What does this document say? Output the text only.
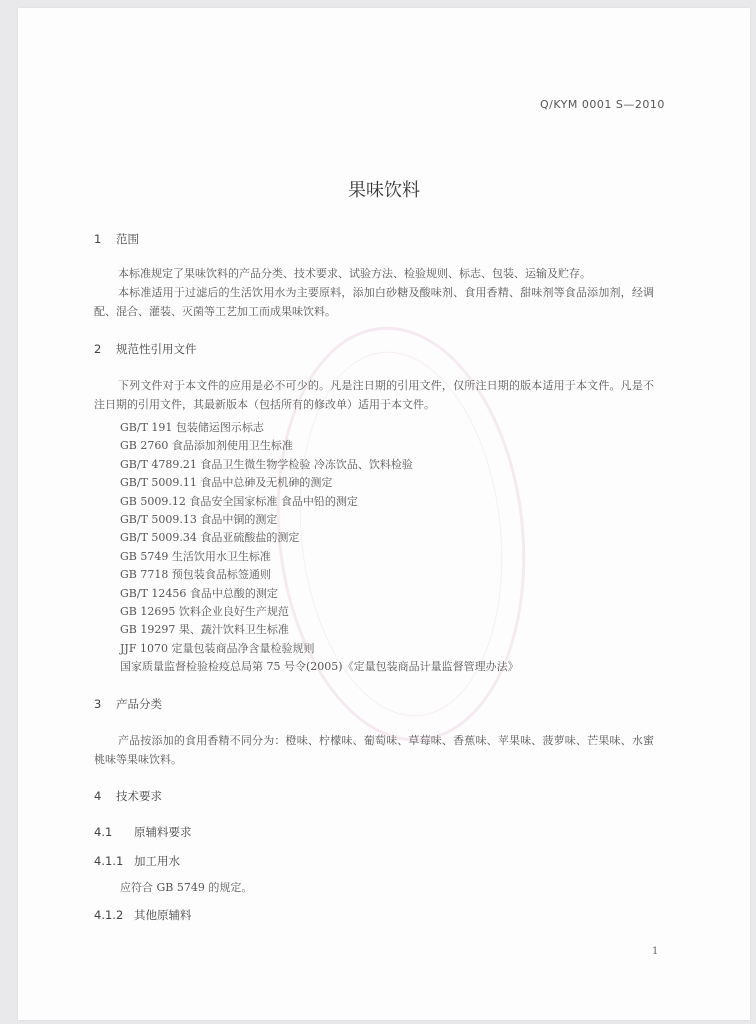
Q/KYM 0001 S—2010
果味饮料
1 范围
本标准规定了果味饮料的产品分类、技术要求、试验方法、检验规则、标志、包装、运输及贮存。
本标准适用于过滤后的生活饮用水为主要原料，添加白砂糖及酸味剂、食用香精、甜味剂等食品添加剂，经调配、混合、灌装、灭菌等工艺加工而成果味饮料。
2 规范性引用文件
下列文件对于本文件的应用是必不可少的。凡是注日期的引用文件，仅所注日期的版本适用于本文件。凡是不注日期的引用文件，其最新版本（包括所有的修改单）适用于本文件。
GB/T 191 包装储运图示标志
GB 2760 食品添加剂使用卫生标准
GB/T 4789.21 食品卫生微生物学检验 冷冻饮品、饮料检验
GB/T 5009.11 食品中总砷及无机砷的测定
GB 5009.12 食品安全国家标准 食品中铅的测定
GB/T 5009.13 食品中铜的测定
GB/T 5009.34 食品亚硫酸盐的测定
GB 5749 生活饮用水卫生标准
GB 7718 预包装食品标签通则
GB/T 12456 食品中总酸的测定
GB 12695 饮料企业良好生产规范
GB 19297 果、蔬汁饮料卫生标准
JJF 1070 定量包装商品净含量检验规则
国家质量监督检验检疫总局第 75 号令(2005)《定量包装商品计量监督管理办法》
3 产品分类
产品按添加的食用香精不同分为：橙味、柠檬味、葡萄味、草莓味、香蕉味、苹果味、菠萝味、芒果味、水蜜桃味等果味饮料。
4 技术要求
4.1 原辅料要求
4.1.1 加工用水
应符合 GB 5749 的规定。
4.1.2 其他原辅料
1
